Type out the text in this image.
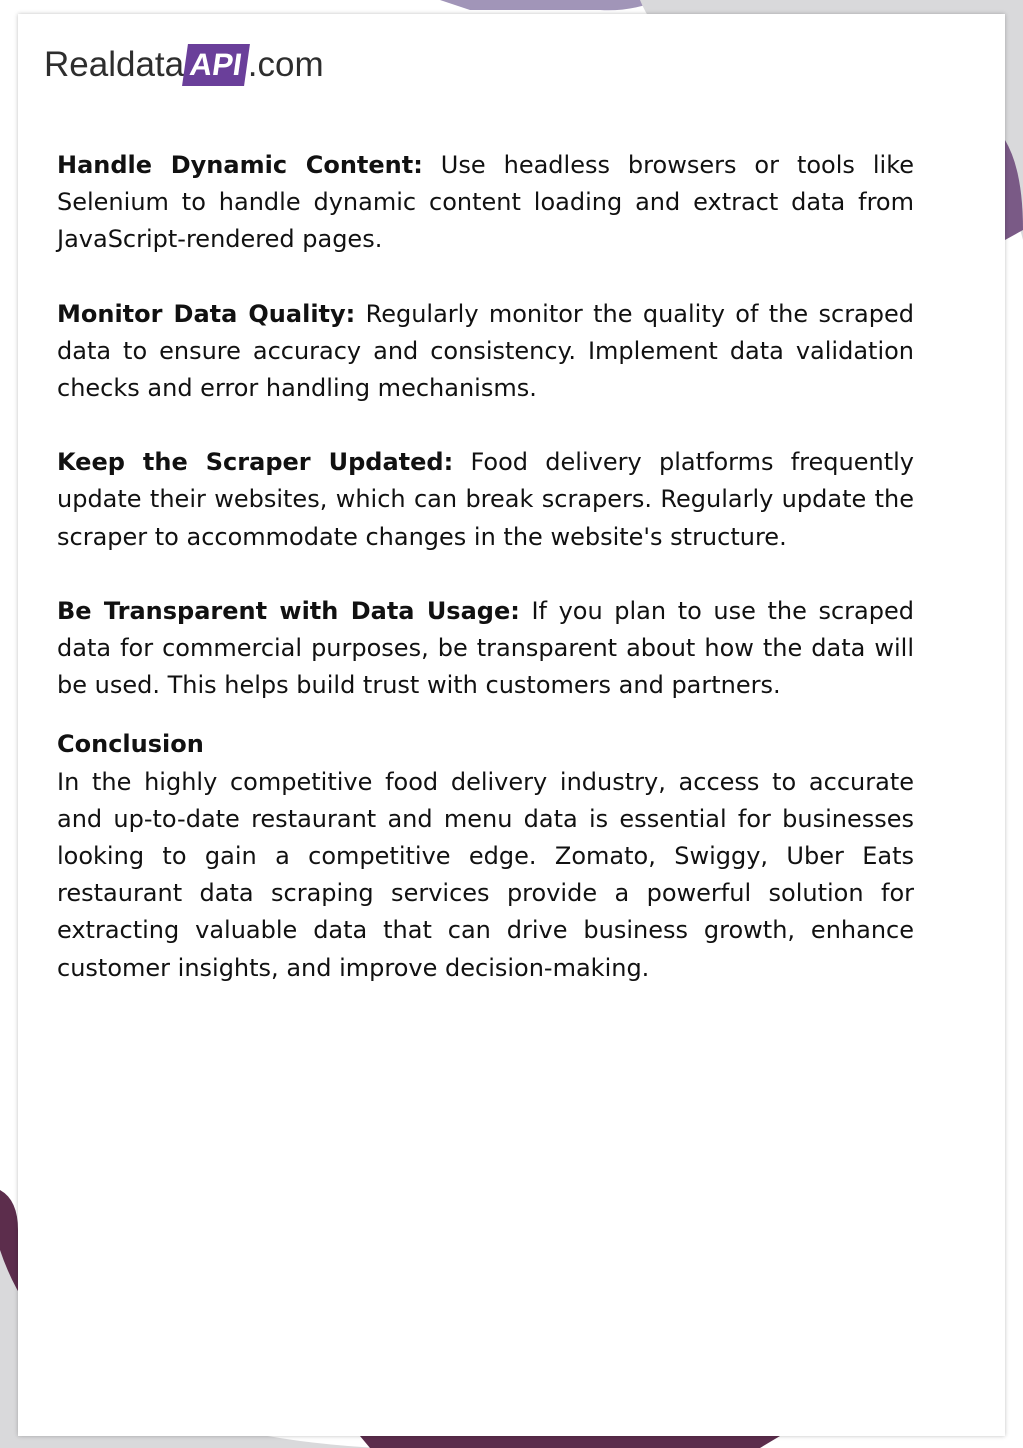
Realdata API .com

Handle Dynamic Content: Use headless browsers or tools like Selenium to handle dynamic content loading and extract data from JavaScript-rendered pages.

Monitor Data Quality: Regularly monitor the quality of the scraped data to ensure accuracy and consistency. Implement data validation checks and error handling mechanisms.

Keep the Scraper Updated: Food delivery platforms frequently update their websites, which can break scrapers. Regularly update the scraper to accommodate changes in the website's structure.

Be Transparent with Data Usage: If you plan to use the scraped data for commercial purposes, be transparent about how the data will be used. This helps build trust with customers and partners.

Conclusion

In the highly competitive food delivery industry, access to accurate and up-to-date restaurant and menu data is essential for businesses looking to gain a competitive edge. Zomato, Swiggy, Uber Eats restaurant data scraping services provide a powerful solution for extracting valuable data that can drive business growth, enhance customer insights, and improve decision-making.
